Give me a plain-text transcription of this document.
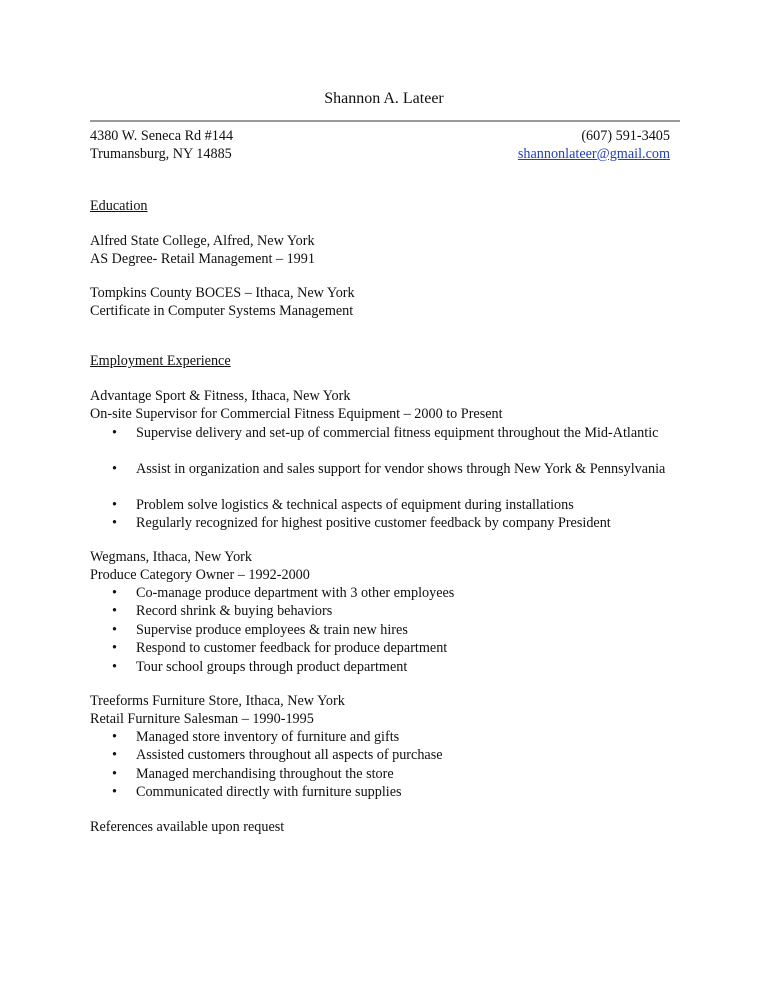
Shannon A. Lateer
4380 W. Seneca Rd #144
Trumansburg, NY 14885
(607) 591-3405
shannonlateer@gmail.com
Education
Alfred State College, Alfred, New York
AS Degree- Retail Management – 1991
Tompkins County BOCES – Ithaca, New York
Certificate in Computer Systems Management
Employment Experience
Advantage Sport & Fitness, Ithaca, New York
On-site Supervisor for Commercial Fitness Equipment – 2000 to Present
• Supervise delivery and set-up of commercial fitness equipment throughout the Mid-Atlantic
• Assist in organization and sales support for vendor shows through New York & Pennsylvania
• Problem solve logistics & technical aspects of equipment during installations
• Regularly recognized for highest positive customer feedback by company President
Wegmans, Ithaca, New York
Produce Category Owner – 1992-2000
• Co-manage produce department with 3 other employees
• Record shrink & buying behaviors
• Supervise produce employees & train new hires
• Respond to customer feedback for produce department
• Tour school groups through product department
Treeforms Furniture Store, Ithaca, New York
Retail Furniture Salesman – 1990-1995
• Managed store inventory of furniture and gifts
• Assisted customers throughout all aspects of purchase
• Managed merchandising throughout the store
• Communicated directly with furniture supplies
References available upon request
